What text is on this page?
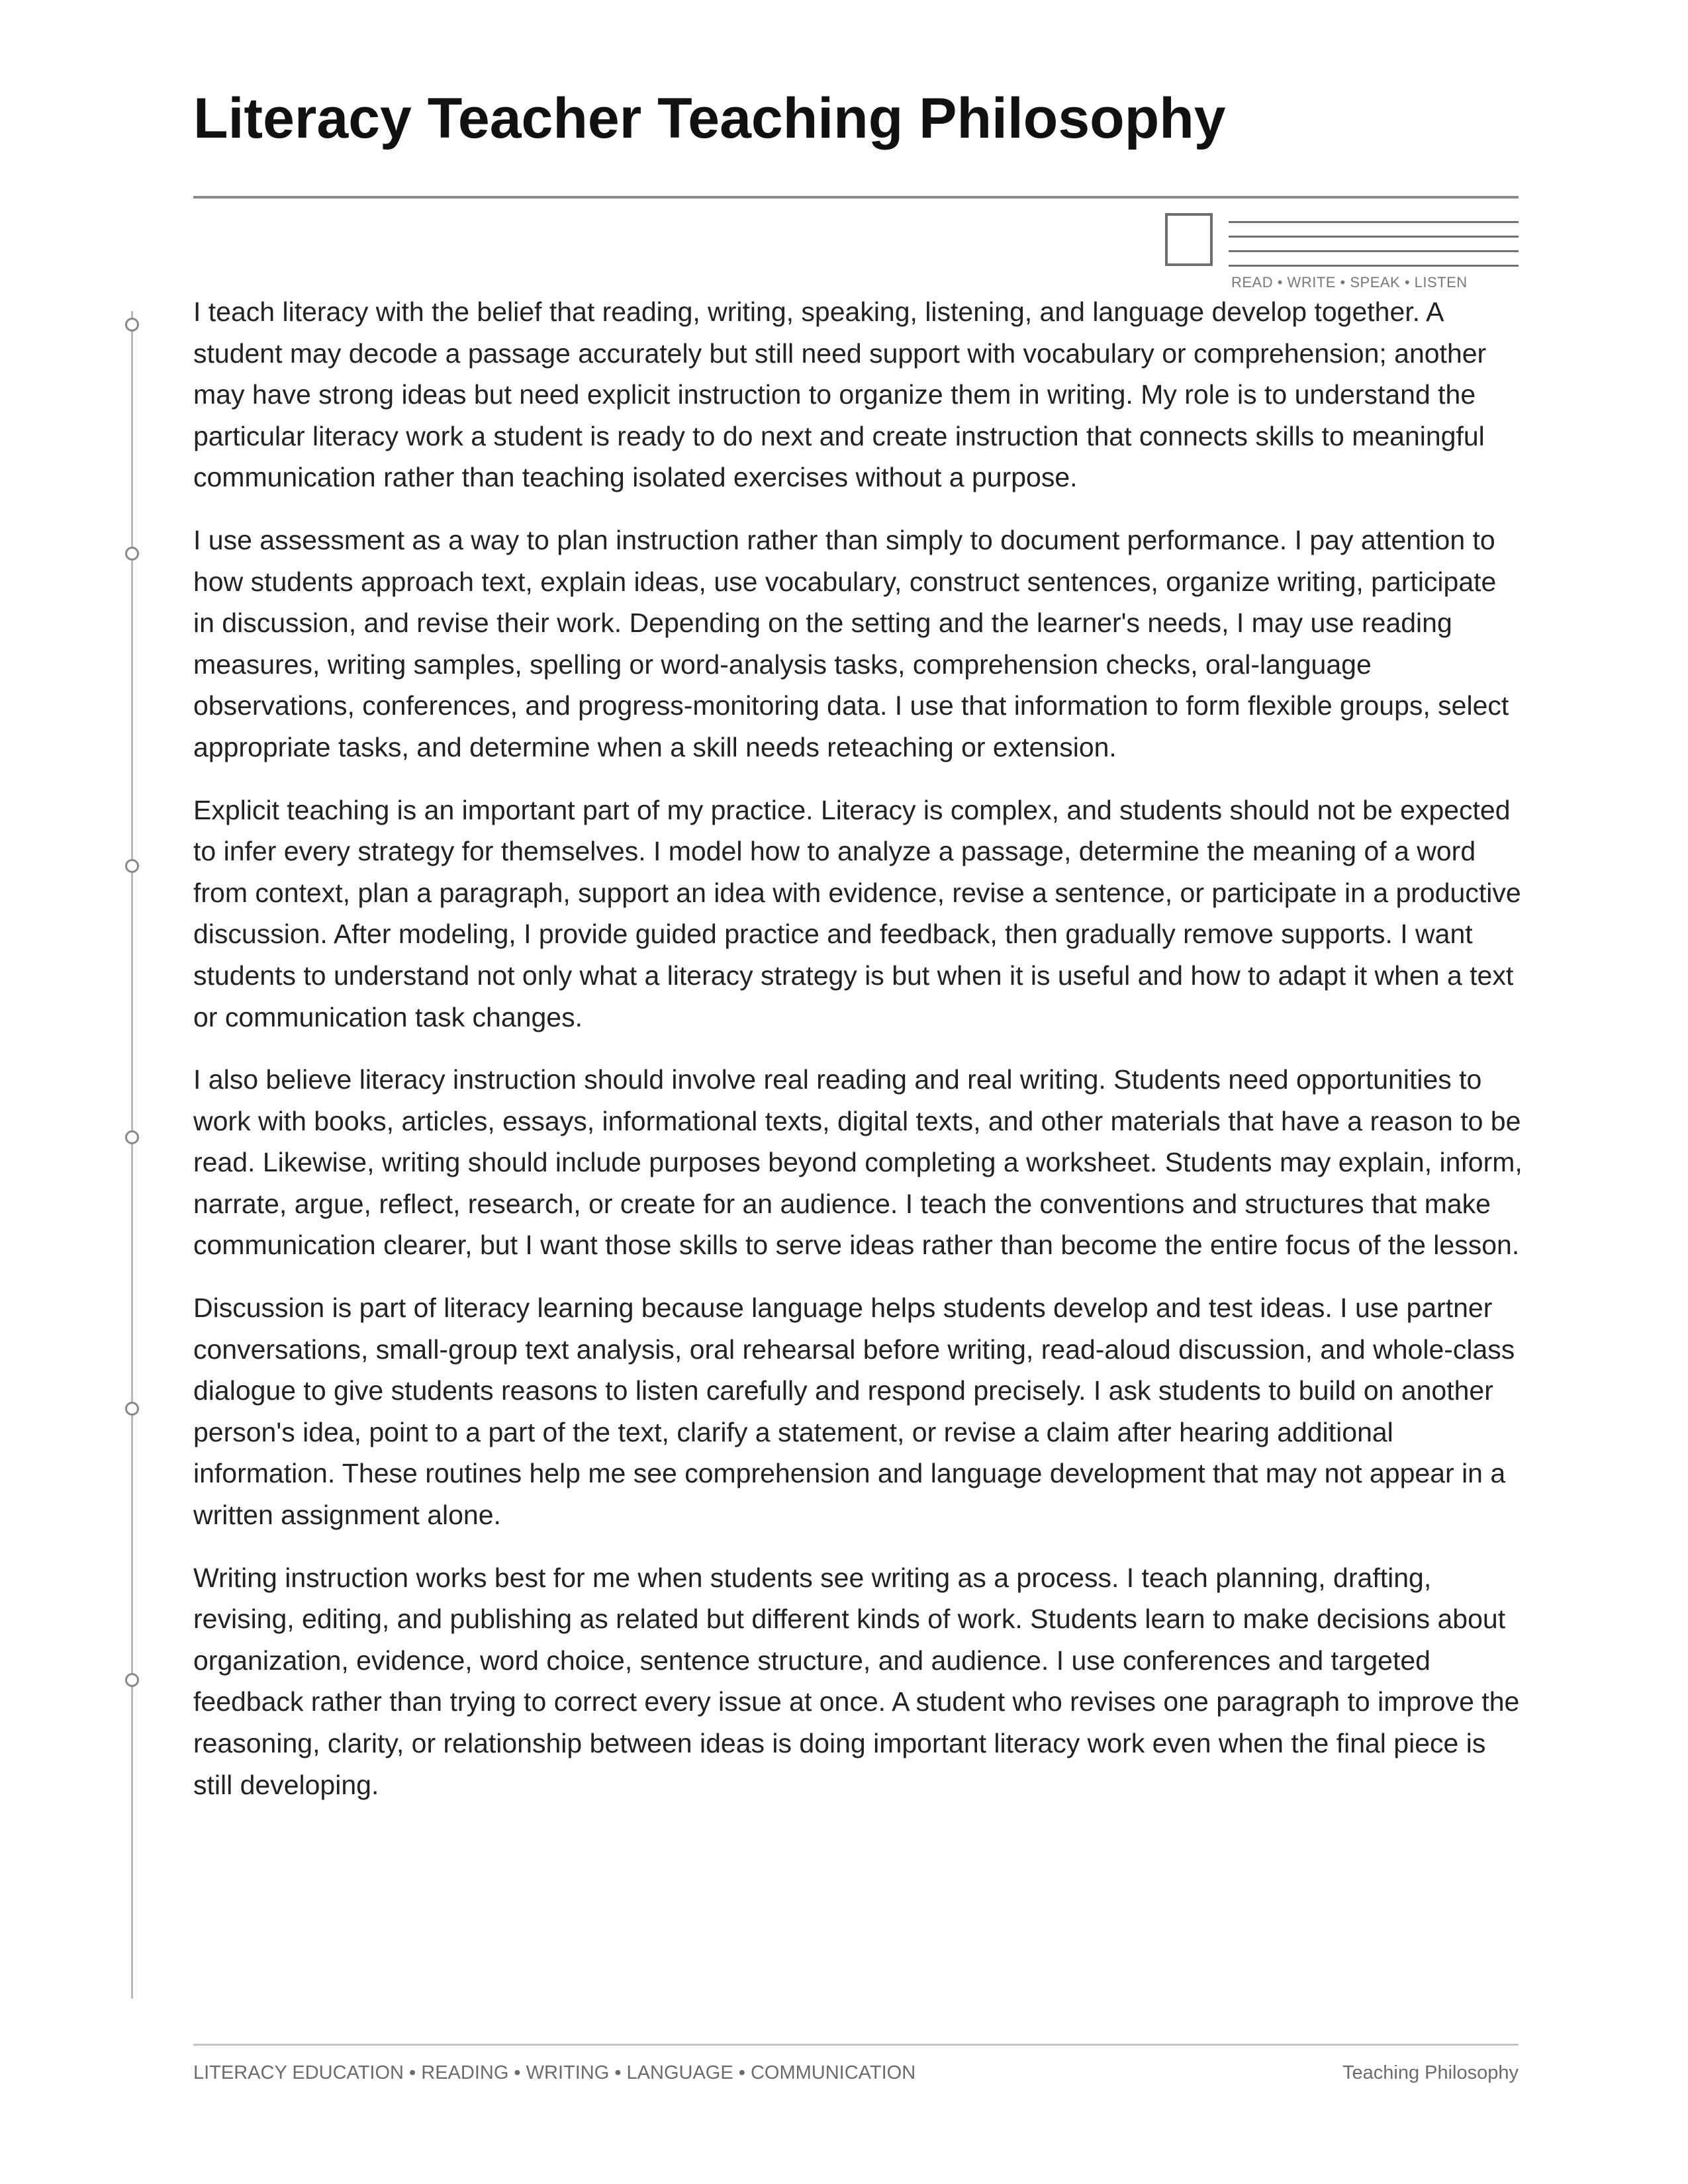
Literacy Teacher Teaching Philosophy
READ • WRITE • SPEAK • LISTEN

I teach literacy with the belief that reading, writing, speaking, listening, and language develop together. A student may decode a passage accurately but still need support with vocabulary or comprehension; another may have strong ideas but need explicit instruction to organize them in writing. My role is to understand the particular literacy work a student is ready to do next and create instruction that connects skills to meaningful communication rather than teaching isolated exercises without a purpose.

I use assessment as a way to plan instruction rather than simply to document performance. I pay attention to how students approach text, explain ideas, use vocabulary, construct sentences, organize writing, participate in discussion, and revise their work. Depending on the setting and the learner's needs, I may use reading measures, writing samples, spelling or word-analysis tasks, comprehension checks, oral-language observations, conferences, and progress-monitoring data. I use that information to form flexible groups, select appropriate tasks, and determine when a skill needs reteaching or extension.

Explicit teaching is an important part of my practice. Literacy is complex, and students should not be expected to infer every strategy for themselves. I model how to analyze a passage, determine the meaning of a word from context, plan a paragraph, support an idea with evidence, revise a sentence, or participate in a productive discussion. After modeling, I provide guided practice and feedback, then gradually remove supports. I want students to understand not only what a literacy strategy is but when it is useful and how to adapt it when a text or communication task changes.

I also believe literacy instruction should involve real reading and real writing. Students need opportunities to work with books, articles, essays, informational texts, digital texts, and other materials that have a reason to be read. Likewise, writing should include purposes beyond completing a worksheet. Students may explain, inform, narrate, argue, reflect, research, or create for an audience. I teach the conventions and structures that make communication clearer, but I want those skills to serve ideas rather than become the entire focus of the lesson.

Discussion is part of literacy learning because language helps students develop and test ideas. I use partner conversations, small-group text analysis, oral rehearsal before writing, read-aloud discussion, and whole-class dialogue to give students reasons to listen carefully and respond precisely. I ask students to build on another person's idea, point to a part of the text, clarify a statement, or revise a claim after hearing additional information. These routines help me see comprehension and language development that may not appear in a written assignment alone.

Writing instruction works best for me when students see writing as a process. I teach planning, drafting, revising, editing, and publishing as related but different kinds of work. Students learn to make decisions about organization, evidence, word choice, sentence structure, and audience. I use conferences and targeted feedback rather than trying to correct every issue at once. A student who revises one paragraph to improve the reasoning, clarity, or relationship between ideas is doing important literacy work even when the final piece is still developing.

LITERACY EDUCATION • READING • WRITING • LANGUAGE • COMMUNICATION	Teaching Philosophy
